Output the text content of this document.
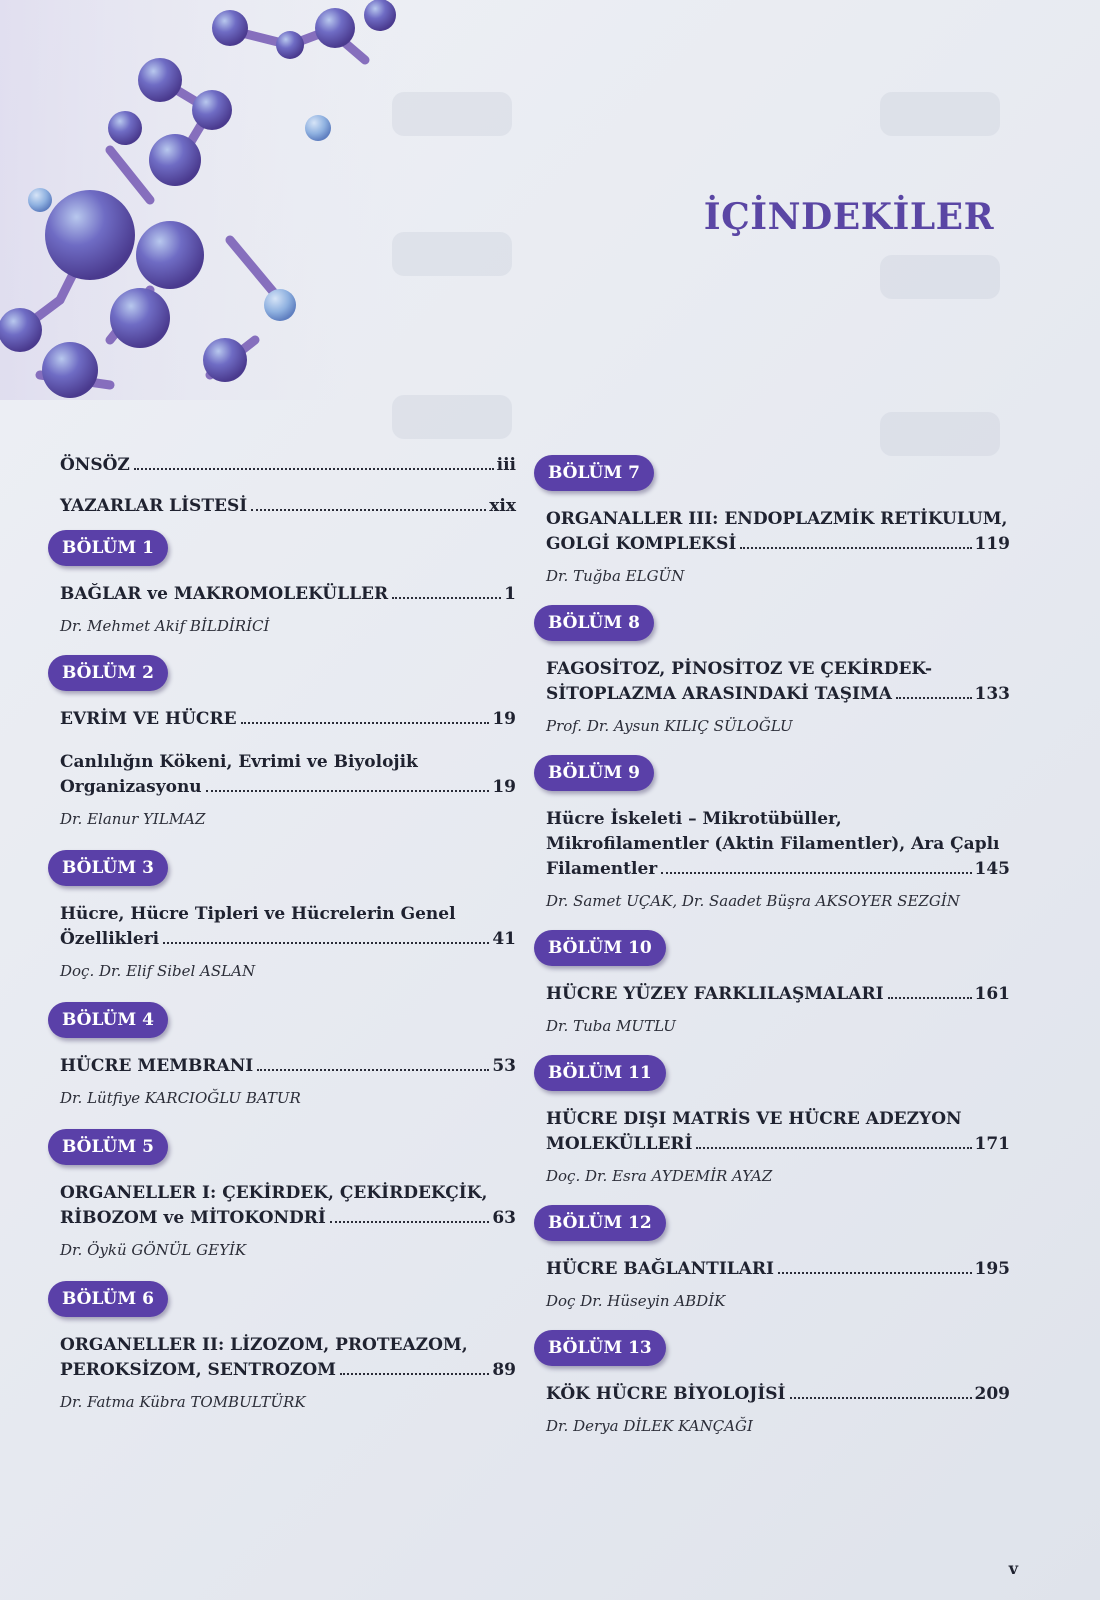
İÇİNDEKİLER
ÖNSÖZ	iii
YAZARLAR LİSTESİ	xix
BÖLÜM 1
BAĞLAR ve MAKROMOLEKÜLLER	1
Dr. Mehmet Akif BİLDİRİCİ
BÖLÜM 2
EVRİM VE HÜCRE	19
Canlılığın Kökeni, Evrimi ve Biyolojik
Organizasyonu	19
Dr. Elanur YILMAZ
BÖLÜM 3
Hücre, Hücre Tipleri ve Hücrelerin Genel
Özellikleri	41
Doç. Dr. Elif Sibel ASLAN
BÖLÜM 4
HÜCRE MEMBRANI	53
Dr. Lütfiye KARCIOĞLU BATUR
BÖLÜM 5
ORGANELLER I: ÇEKİRDEK, ÇEKİRDEKÇİK,
RİBOZOM ve MİTOKONDRİ	63
Dr. Öykü GÖNÜL GEYİK
BÖLÜM 6
ORGANELLER II: LİZOZOM, PROTEAZOM,
PEROKSİZOM, SENTROZOM	89
Dr. Fatma Kübra TOMBULTÜRK
BÖLÜM 7
ORGANALLER III: ENDOPLAZMİK RETİKULUM,
GOLGİ KOMPLEKSİ	119
Dr. Tuğba ELGÜN
BÖLÜM 8
FAGOSİTOZ, PİNOSİTOZ VE ÇEKİRDEK-
SİTOPLAZMA ARASINDAKİ TAŞIMA	133
Prof. Dr. Aysun KILIÇ SÜLOĞLU
BÖLÜM 9
Hücre İskeleti – Mikrotübüller,
Mikrofilamentler (Aktin Filamentler), Ara Çaplı
Filamentler	145
Dr. Samet UÇAK, Dr. Saadet Büşra AKSOYER SEZGİN
BÖLÜM 10
HÜCRE YÜZEY FARKLILAŞMALARI	161
Dr. Tuba MUTLU
BÖLÜM 11
HÜCRE DIŞI MATRİS VE HÜCRE ADEZYON
MOLEKÜLLERİ	171
Doç. Dr. Esra AYDEMİR AYAZ
BÖLÜM 12
HÜCRE BAĞLANTILARI	195
Doç Dr. Hüseyin ABDİK
BÖLÜM 13
KÖK HÜCRE BİYOLOJİSİ	209
Dr. Derya DİLEK KANÇAĞI
v
